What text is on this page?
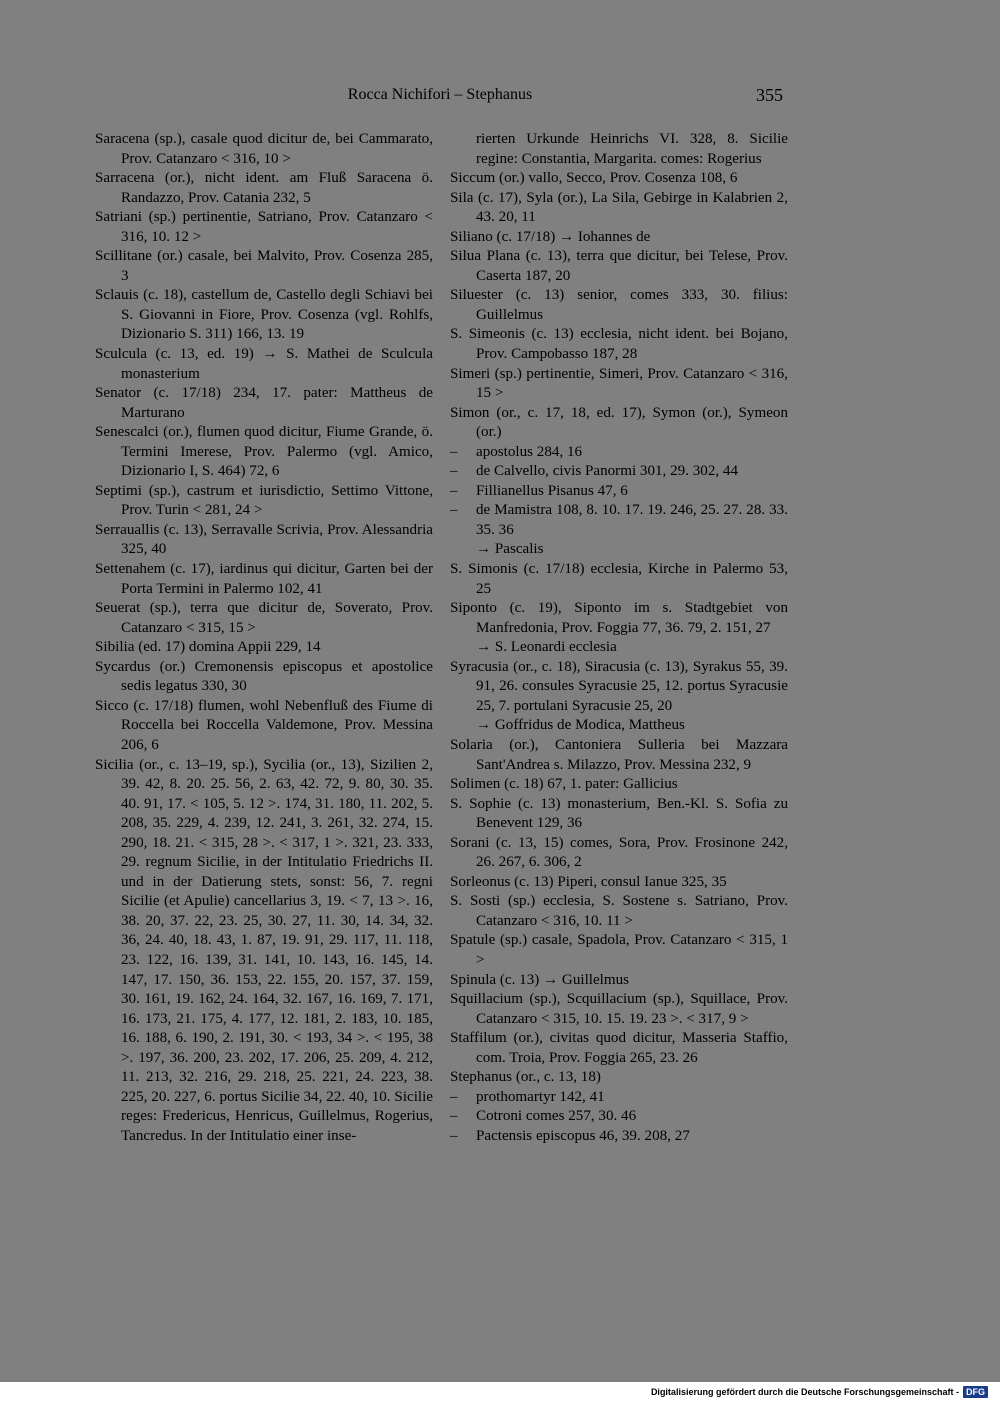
Rocca Nichifori – Stephanus	355
Saracena (sp.), casale quod dicitur de, bei Cammarato, Prov. Catanzaro < 316, 10 >
Sarracena (or.), nicht ident. am Fluß Saracena ö. Randazzo, Prov. Catania 232, 5
Satriani (sp.) pertinentie, Satriano, Prov. Catanzaro < 316, 10. 12 >
Scillitane (or.) casale, bei Malvito, Prov. Cosenza 285, 3
Sclauis (c. 18), castellum de, Castello degli Schiavi bei S. Giovanni in Fiore, Prov. Cosenza (vgl. Rohlfs, Dizionario S. 311) 166, 13. 19
Sculcula (c. 13, ed. 19) → S. Mathei de Sculcula monasterium
Senator (c. 17/18) 234, 17. pater: Mattheus de Marturano
Senescalci (or.), flumen quod dicitur, Fiume Grande, ö. Termini Imerese, Prov. Palermo (vgl. Amico, Dizionario I, S. 464) 72, 6
Septimi (sp.), castrum et iurisdictio, Settimo Vittone, Prov. Turin < 281, 24 >
Serrauallis (c. 13), Serravalle Scrivia, Prov. Alessandria 325, 40
Settenahem (c. 17), iardinus qui dicitur, Garten bei der Porta Termini in Palermo 102, 41
Seuerat (sp.), terra que dicitur de, Soverato, Prov. Catanzaro < 315, 15 >
Sibilia (ed. 17) domina Appii 229, 14
Sycardus (or.) Cremonensis episcopus et apostolice sedis legatus 330, 30
Sicco (c. 17/18) flumen, wohl Nebenfluß des Fiume di Roccella bei Roccella Valdemone, Prov. Messina 206, 6
Sicilia (or., c. 13–19, sp.), Sycilia (or., 13), Sizilien 2, 39. 42, 8. 20. 25. 56, 2. 63, 42. 72, 9. 80, 30. 35. 40. 91, 17. < 105, 5. 12 >. 174, 31. 180, 11. 202, 5. 208, 35. 229, 4. 239, 12. 241, 3. 261, 32. 274, 15. 290, 18. 21. < 315, 28 >. < 317, 1 >. 321, 23. 333, 29. regnum Sicilie, in der Intitulatio Friedrichs II. und in der Datierung stets, sonst: 56, 7. regni Sicilie (et Apulie) cancellarius 3, 19. < 7, 13 >. 16, 38. 20, 37. 22, 23. 25, 30. 27, 11. 30, 14. 34, 32. 36, 24. 40, 18. 43, 1. 87, 19. 91, 29. 117, 11. 118, 23. 122, 16. 139, 31. 141, 10. 143, 16. 145, 14. 147, 17. 150, 36. 153, 22. 155, 20. 157, 37. 159, 30. 161, 19. 162, 24. 164, 32. 167, 16. 169, 7. 171, 16. 173, 21. 175, 4. 177, 12. 181, 2. 183, 10. 185, 16. 188, 6. 190, 2. 191, 30. < 193, 34 >. < 195, 38 >. 197, 36. 200, 23. 202, 17. 206, 25. 209, 4. 212, 11. 213, 32. 216, 29. 218, 25. 221, 24. 223, 38. 225, 20. 227, 6. portus Sicilie 34, 22. 40, 10. Sicilie reges: Fredericus, Henricus, Guillelmus, Rogerius, Tancredus. In der Intitulatio einer inse-
rierten Urkunde Heinrichs VI. 328, 8. Sicilie regine: Constantia, Margarita. comes: Rogerius
Siccum (or.) vallo, Secco, Prov. Cosenza 108, 6
Sila (c. 17), Syla (or.), La Sila, Gebirge in Kalabrien 2, 43. 20, 11
Siliano (c. 17/18) → Iohannes de
Silua Plana (c. 13), terra que dicitur, bei Telese, Prov. Caserta 187, 20
Siluester (c. 13) senior, comes 333, 30. filius: Guillelmus
S. Simeonis (c. 13) ecclesia, nicht ident. bei Bojano, Prov. Campobasso 187, 28
Simeri (sp.) pertinentie, Simeri, Prov. Catanzaro < 316, 15 >
Simon (or., c. 17, 18, ed. 17), Symon (or.), Symeon (or.)
– apostolus 284, 16
– de Calvello, civis Panormi 301, 29. 302, 44
– Fillianellus Pisanus 47, 6
– de Mamistra 108, 8. 10. 17. 19. 246, 25. 27. 28. 33. 35. 36
→ Pascalis
S. Simonis (c. 17/18) ecclesia, Kirche in Palermo 53, 25
Siponto (c. 19), Siponto im s. Stadtgebiet von Manfredonia, Prov. Foggia 77, 36. 79, 2. 151, 27
→ S. Leonardi ecclesia
Syracusia (or., c. 18), Siracusia (c. 13), Syrakus 55, 39. 91, 26. consules Syracusie 25, 12. portus Syracusie 25, 7. portulani Syracusie 25, 20
→ Goffridus de Modica, Mattheus
Solaria (or.), Cantoniera Sulleria bei Mazzara Sant'Andrea s. Milazzo, Prov. Messina 232, 9
Solimen (c. 18) 67, 1. pater: Gallicius
S. Sophie (c. 13) monasterium, Ben.-Kl. S. Sofia zu Benevent 129, 36
Sorani (c. 13, 15) comes, Sora, Prov. Frosinone 242, 26. 267, 6. 306, 2
Sorleonus (c. 13) Piperi, consul Ianue 325, 35
S. Sosti (sp.) ecclesia, S. Sostene s. Satriano, Prov. Catanzaro < 316, 10. 11 >
Spatule (sp.) casale, Spadola, Prov. Catanzaro < 315, 1 >
Spinula (c. 13) → Guillelmus
Squillacium (sp.), Scquillacium (sp.), Squillace, Prov. Catanzaro < 315, 10. 15. 19. 23 >. < 317, 9 >
Staffilum (or.), civitas quod dicitur, Masseria Staffio, com. Troia, Prov. Foggia 265, 23. 26
Stephanus (or., c. 13, 18)
– prothomartyr 142, 41
– Cotroni comes 257, 30. 46
– Pactensis episcopus 46, 39. 208, 27
Digitalisierung gefördert durch die Deutsche Forschungsgemeinschaft - DFG
